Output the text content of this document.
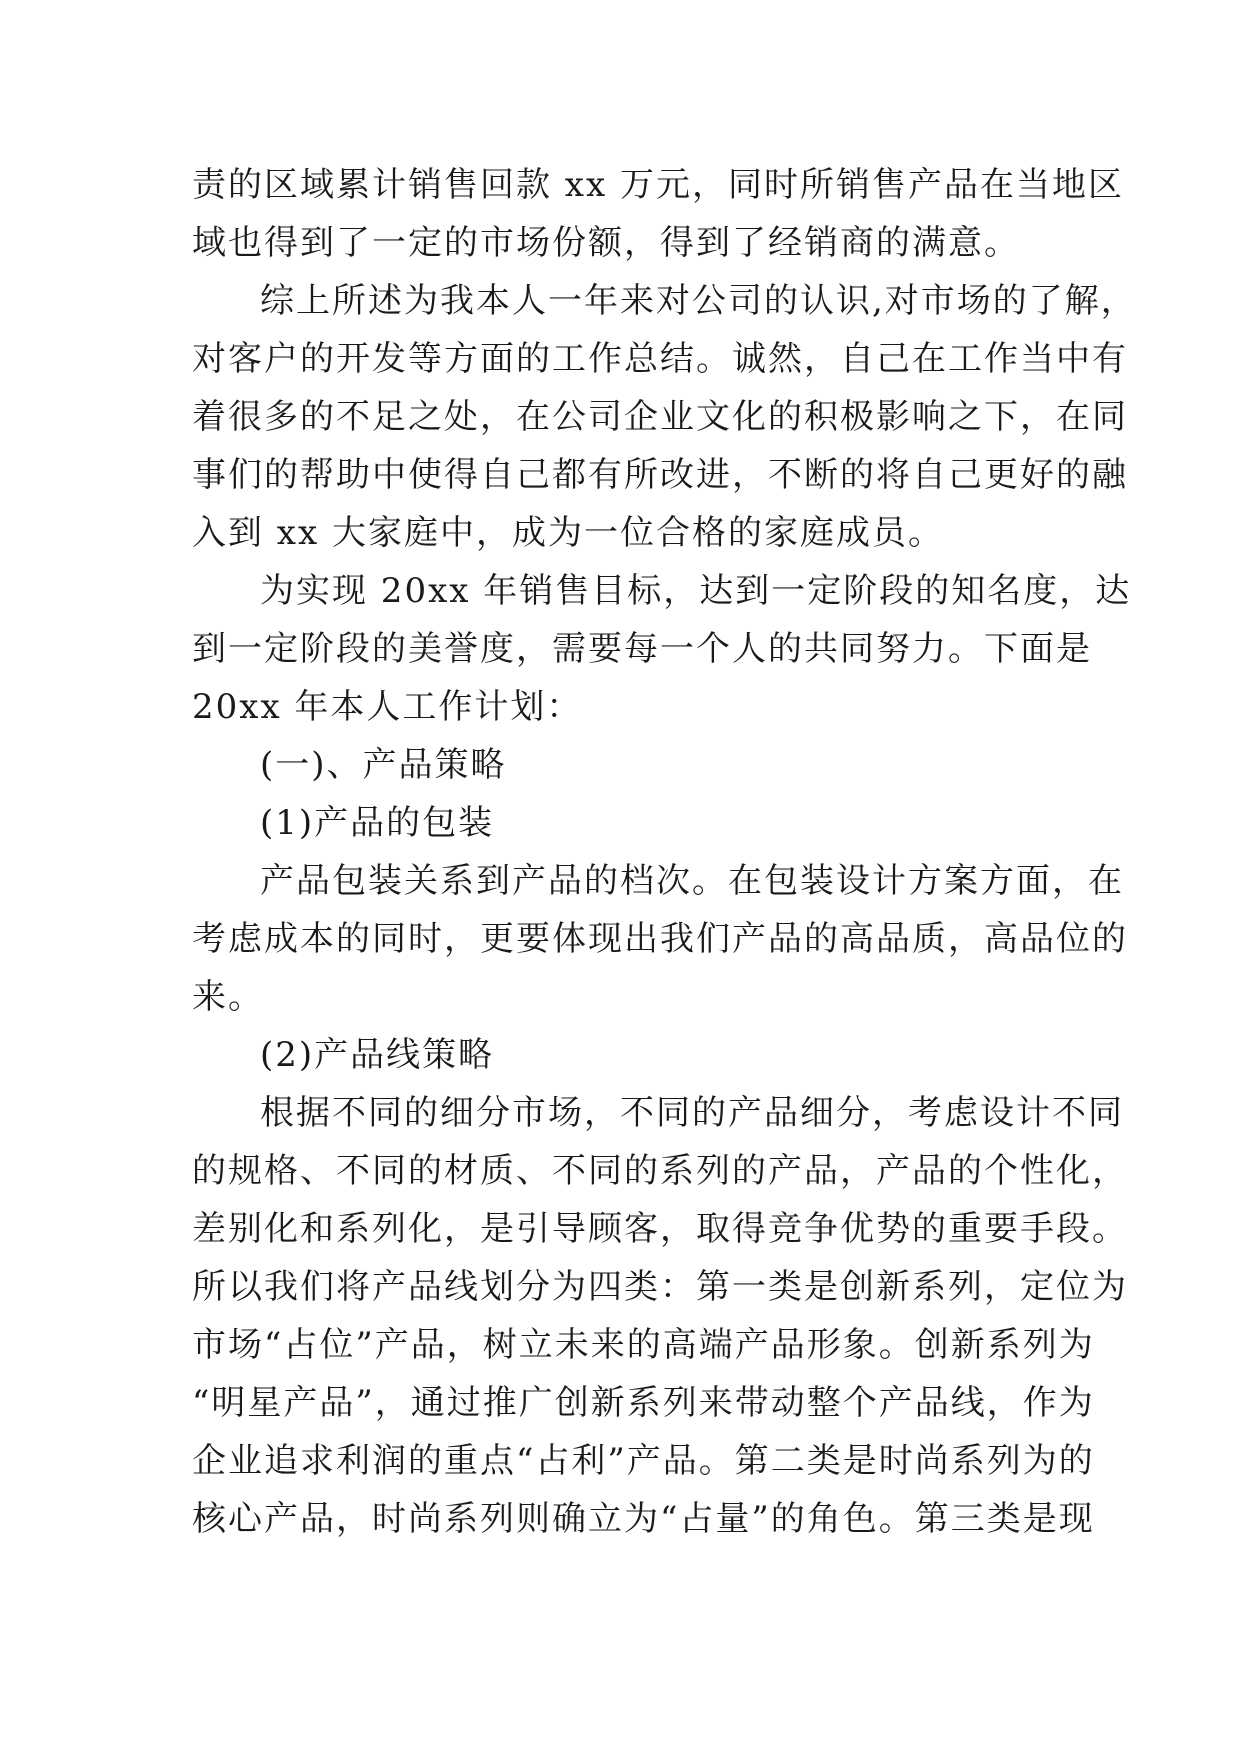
责的区域累计销售回款 xx 万元，同时所销售产品在当地区
域也得到了一定的市场份额，得到了经销商的满意。
综上所述为我本人一年来对公司的认识,对市场的了解，
对客户的开发等方面的工作总结。诚然，自己在工作当中有
着很多的不足之处，在公司企业文化的积极影响之下，在同
事们的帮助中使得自己都有所改进，不断的将自己更好的融
入到 xx 大家庭中，成为一位合格的家庭成员。
为实现 20xx 年销售目标，达到一定阶段的知名度，达
到一定阶段的美誉度，需要每一个人的共同努力。下面是
20xx 年本人工作计划：
(一)、产品策略
(1)产品的包装
产品包装关系到产品的档次。在包装设计方案方面，在
考虑成本的同时，更要体现出我们产品的高品质，高品位的
来。
(2)产品线策略
根据不同的细分市场，不同的产品细分，考虑设计不同
的规格、不同的材质、不同的系列的产品，产品的个性化，
差别化和系列化，是引导顾客，取得竞争优势的重要手段。
所以我们将产品线划分为四类：第一类是创新系列，定位为
市场“占位”产品，树立未来的高端产品形象。创新系列为
“明星产品”，通过推广创新系列来带动整个产品线，作为
企业追求利润的重点“占利”产品。第二类是时尚系列为的
核心产品，时尚系列则确立为“占量”的角色。第三类是现
